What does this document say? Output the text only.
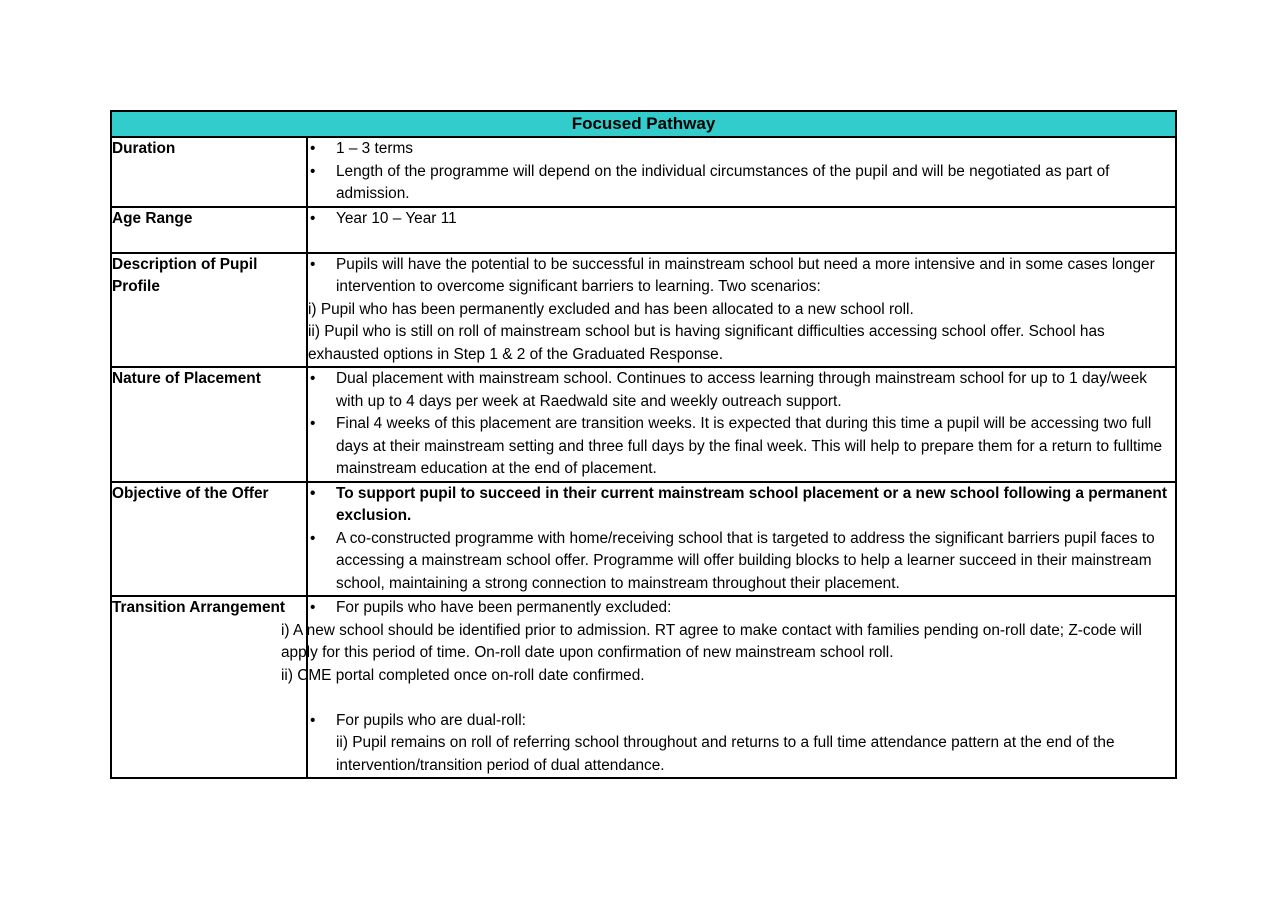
Focused Pathway	
Duration	• 1 – 3 terms
• Length of the programme will depend on the individual circumstances of the pupil and will be negotiated as part of admission.

Age Range	• Year 10 – Year 11

Description of Pupil Profile	• Pupils will have the potential to be successful in mainstream school but need a more intensive and in some cases longer intervention to overcome significant barriers to learning. Two scenarios:
i) Pupil who has been permanently excluded and has been allocated to a new school roll.
ii) Pupil who is still on roll of mainstream school but is having significant difficulties accessing school offer. School has exhausted options in Step 1 & 2 of the Graduated Response.

Nature of Placement	• Dual placement with mainstream school. Continues to access learning through mainstream school for up to 1 day/week with up to 4 days per week at Raedwald site and weekly outreach support.
• Final 4 weeks of this placement are transition weeks. It is expected that during this time a pupil will be accessing two full days at their mainstream setting and three full days by the final week. This will help to prepare them for a return to fulltime mainstream education at the end of placement.

Objective of the Offer	• To support pupil to succeed in their current mainstream school placement or a new school following a permanent exclusion.
• A co-constructed programme with home/receiving school that is targeted to address the significant barriers pupil faces to accessing a mainstream school offer. Programme will offer building blocks to help a learner succeed in their mainstream school, maintaining a strong connection to mainstream throughout their placement.

Transition Arrangement	• For pupils who have been permanently excluded:
i) A new school should be identified prior to admission. RT agree to make contact with families pending on-roll date; Z-code will apply for this period of time. On-roll date upon confirmation of new mainstream school roll.
ii) CME portal completed once on-roll date confirmed.
• For pupils who are dual-roll:
ii) Pupil remains on roll of referring school throughout and returns to a full time attendance pattern at the end of the intervention/transition period of dual attendance.
